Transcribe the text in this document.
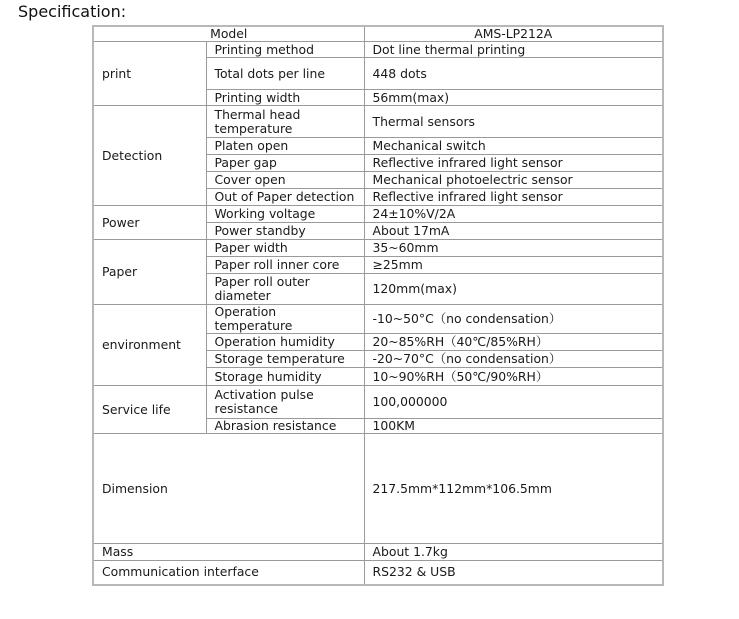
Specification:
Model		AMS-LP212A
print	Printing method	Dot line thermal printing
	Total dots per line	448 dots
	Printing width	56mm(max)
Detection	Thermal head temperature	Thermal sensors
	Platen open	Mechanical switch
	Paper gap	Reflective infrared light sensor
	Cover open	Mechanical photoelectric sensor
	Out of Paper detection	Reflective infrared light sensor
Power	Working voltage	24±10%V/2A
	Power standby	About 17mA
Paper	Paper width	35~60mm
	Paper roll inner core	≥25mm
	Paper roll outer diameter	120mm(max)
environment	Operation temperature	-10~50°C（no condensation）
	Operation humidity	20~85%RH（40℃/85%RH）
	Storage temperature	-20~70°C（no condensation）
	Storage humidity	10~90%RH（50℃/90%RH）
Service life	Activation pulse resistance	100,000000
	Abrasion resistance	100KM
Dimension		217.5mm*112mm*106.5mm
Mass		About 1.7kg
Communication interface		RS232 & USB
